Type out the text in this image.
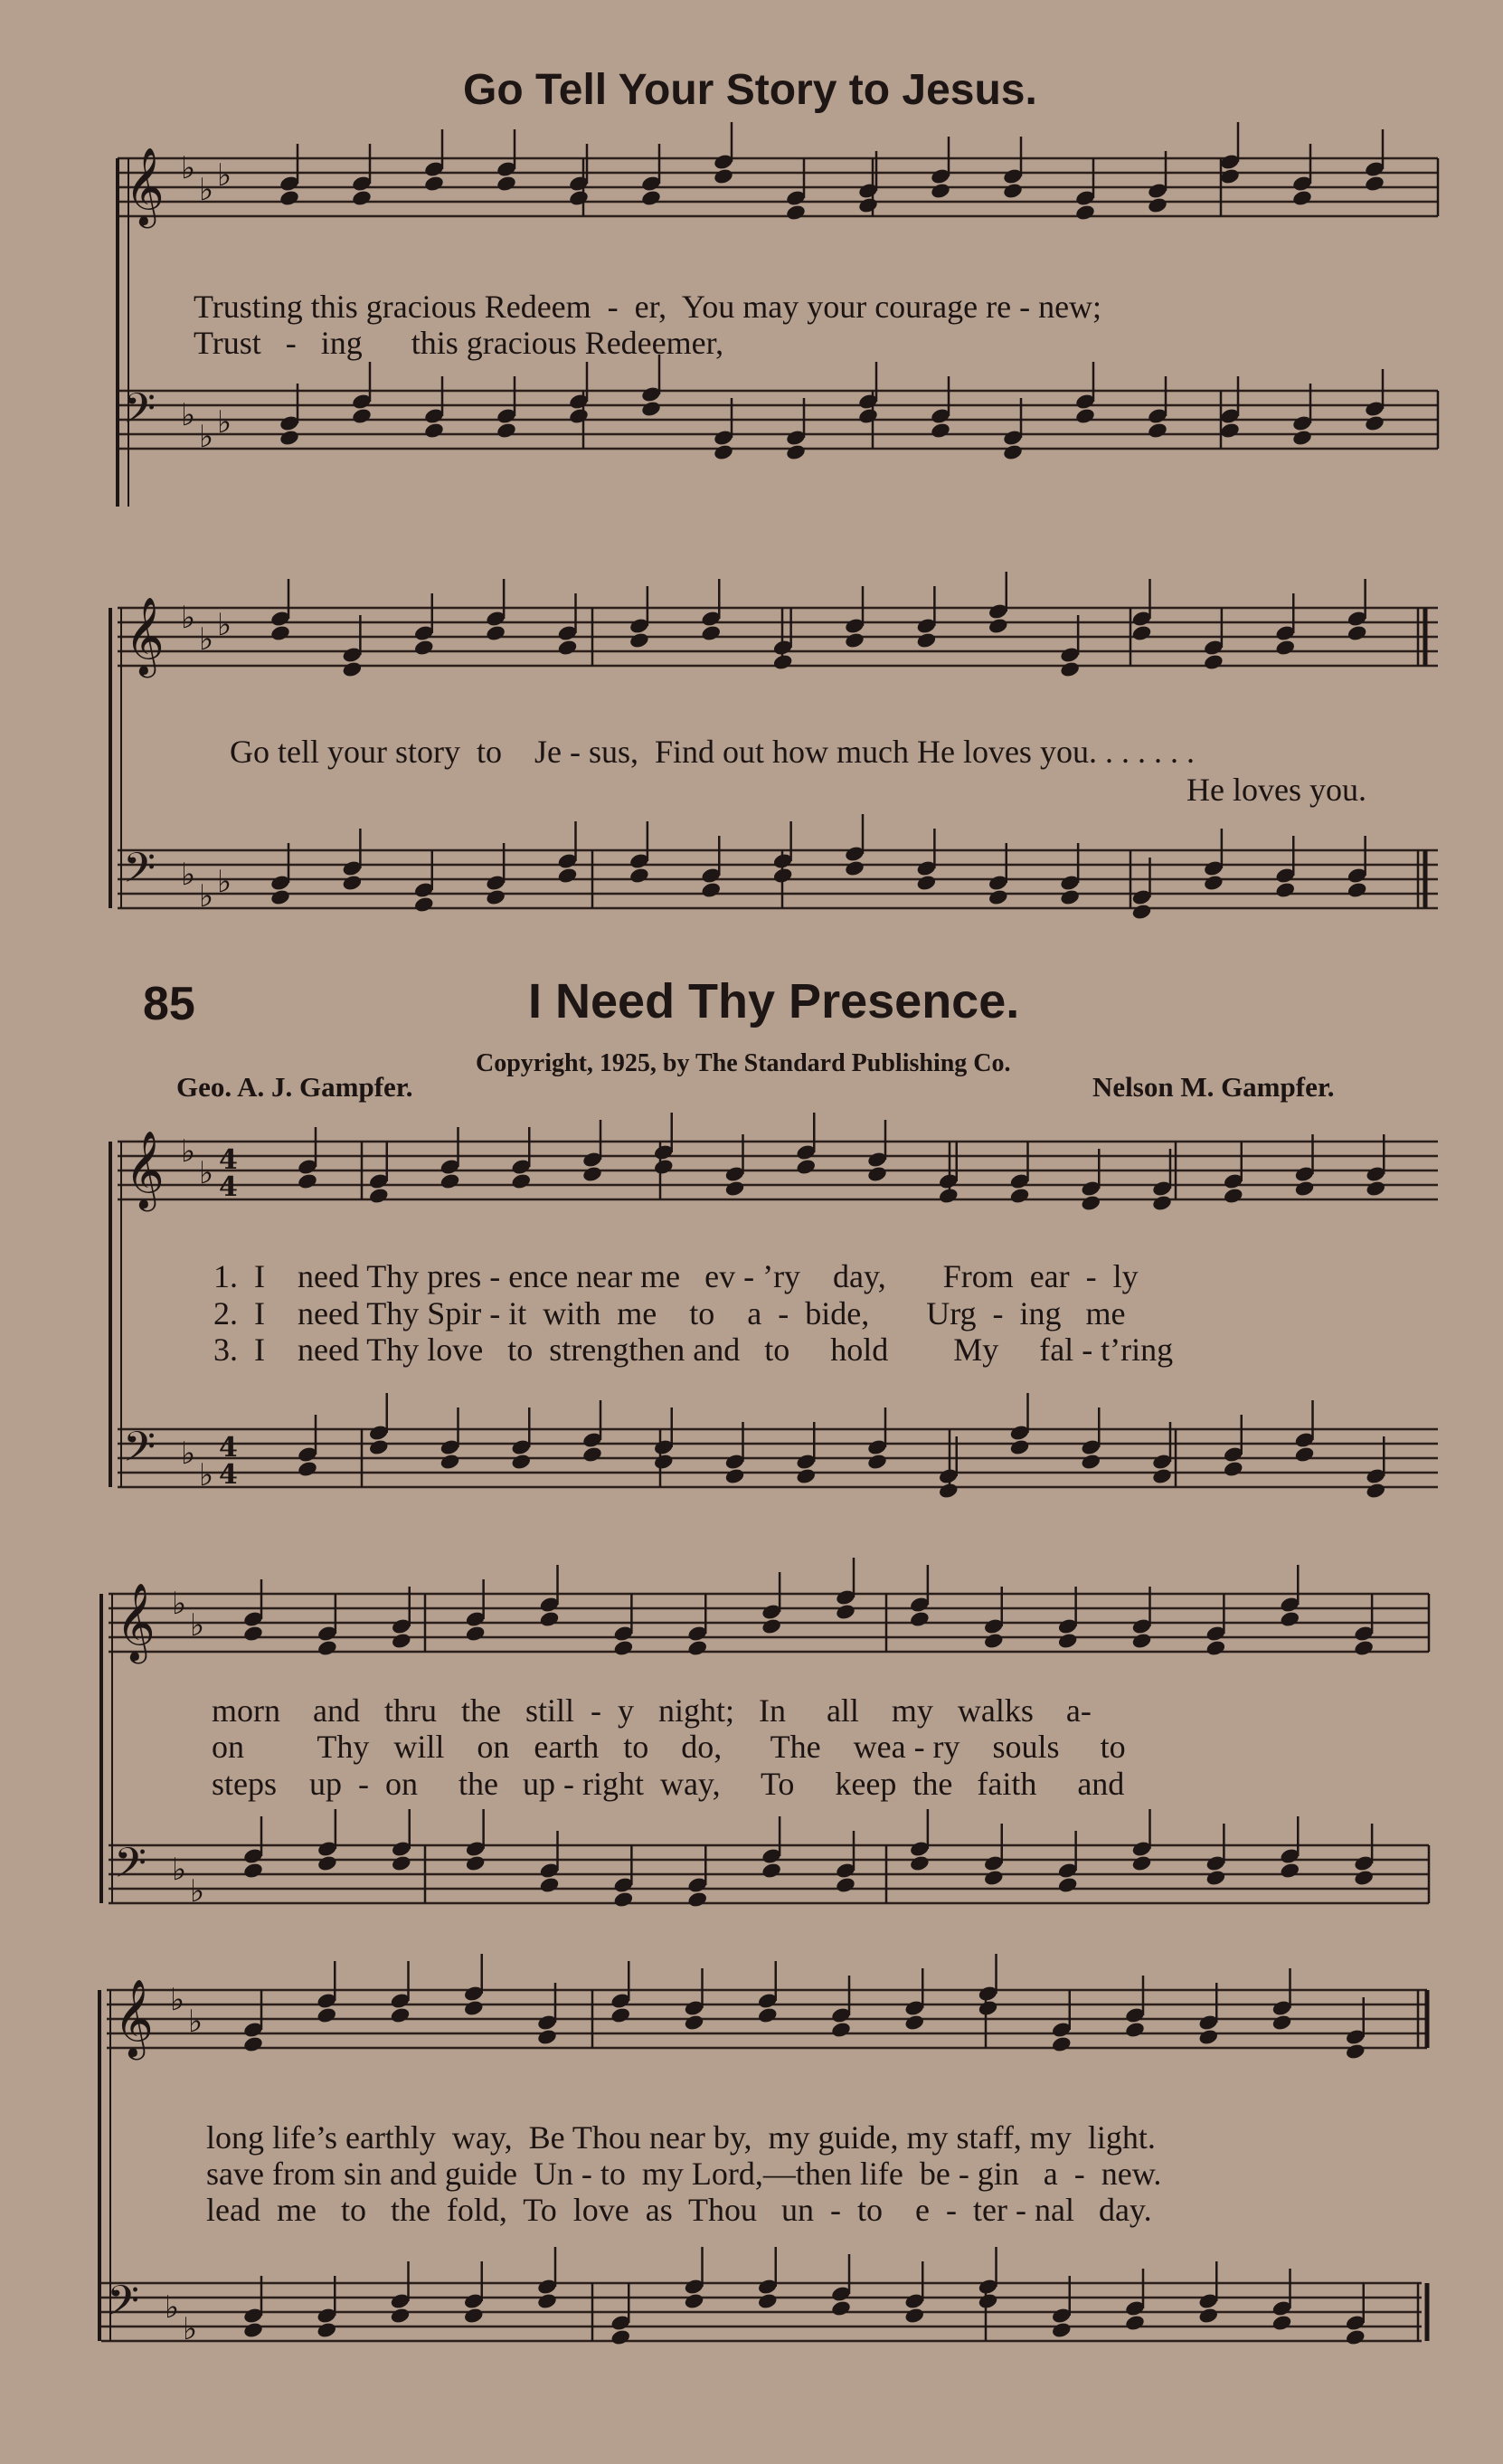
𝄞 ♭
♭ ♭
𝄢 ♭
♭ ♭
𝄞 ♭
♭ ♭
𝄢 ♭
♭ ♭
𝄞 ♭
♭ 4
4
𝄢 ♭
♭
4
4
𝄞 ♭
♭
𝄢 ♭
♭
𝄞 ♭
♭
𝄢 ♭
♭
Go Tell Your Story to Jesus.
Trusting this gracious Redeem  -  er,  You may your courage re - new;
Trust   -   ing      this gracious Redeemer,
Go tell your story  to    Je - sus,  Find out how much He loves you. . . . . . .
He loves you.
85	I Need Thy Presence.
Copyright, 1925, by The Standard Publishing Co.
Geo. A. J. Gampfer.	Nelson M. Gampfer.
1.  I    need Thy pres - ence near me   ev - ’ry    day,       From  ear  -  ly
2.  I    need Thy Spir - it  with  me    to    a  -  bide,       Urg  -  ing   me
3.  I    need Thy love   to  strengthen and   to     hold        My     fal - t’ring
morn    and   thru   the   still  -  y   night;   In     all    my   walks    a-
on         Thy   will    on   earth   to    do,      The    wea - ry    souls     to
steps    up  -  on     the   up - right  way,     To     keep  the   faith     and
long life’s earthly  way,  Be Thou near by,  my guide, my staff, my  light.
save from sin and guide  Un - to  my Lord,—then life  be - gin   a  -  new.
lead  me   to   the  fold,  To  love  as  Thou   un  -  to    e  -  ter - nal   day.
